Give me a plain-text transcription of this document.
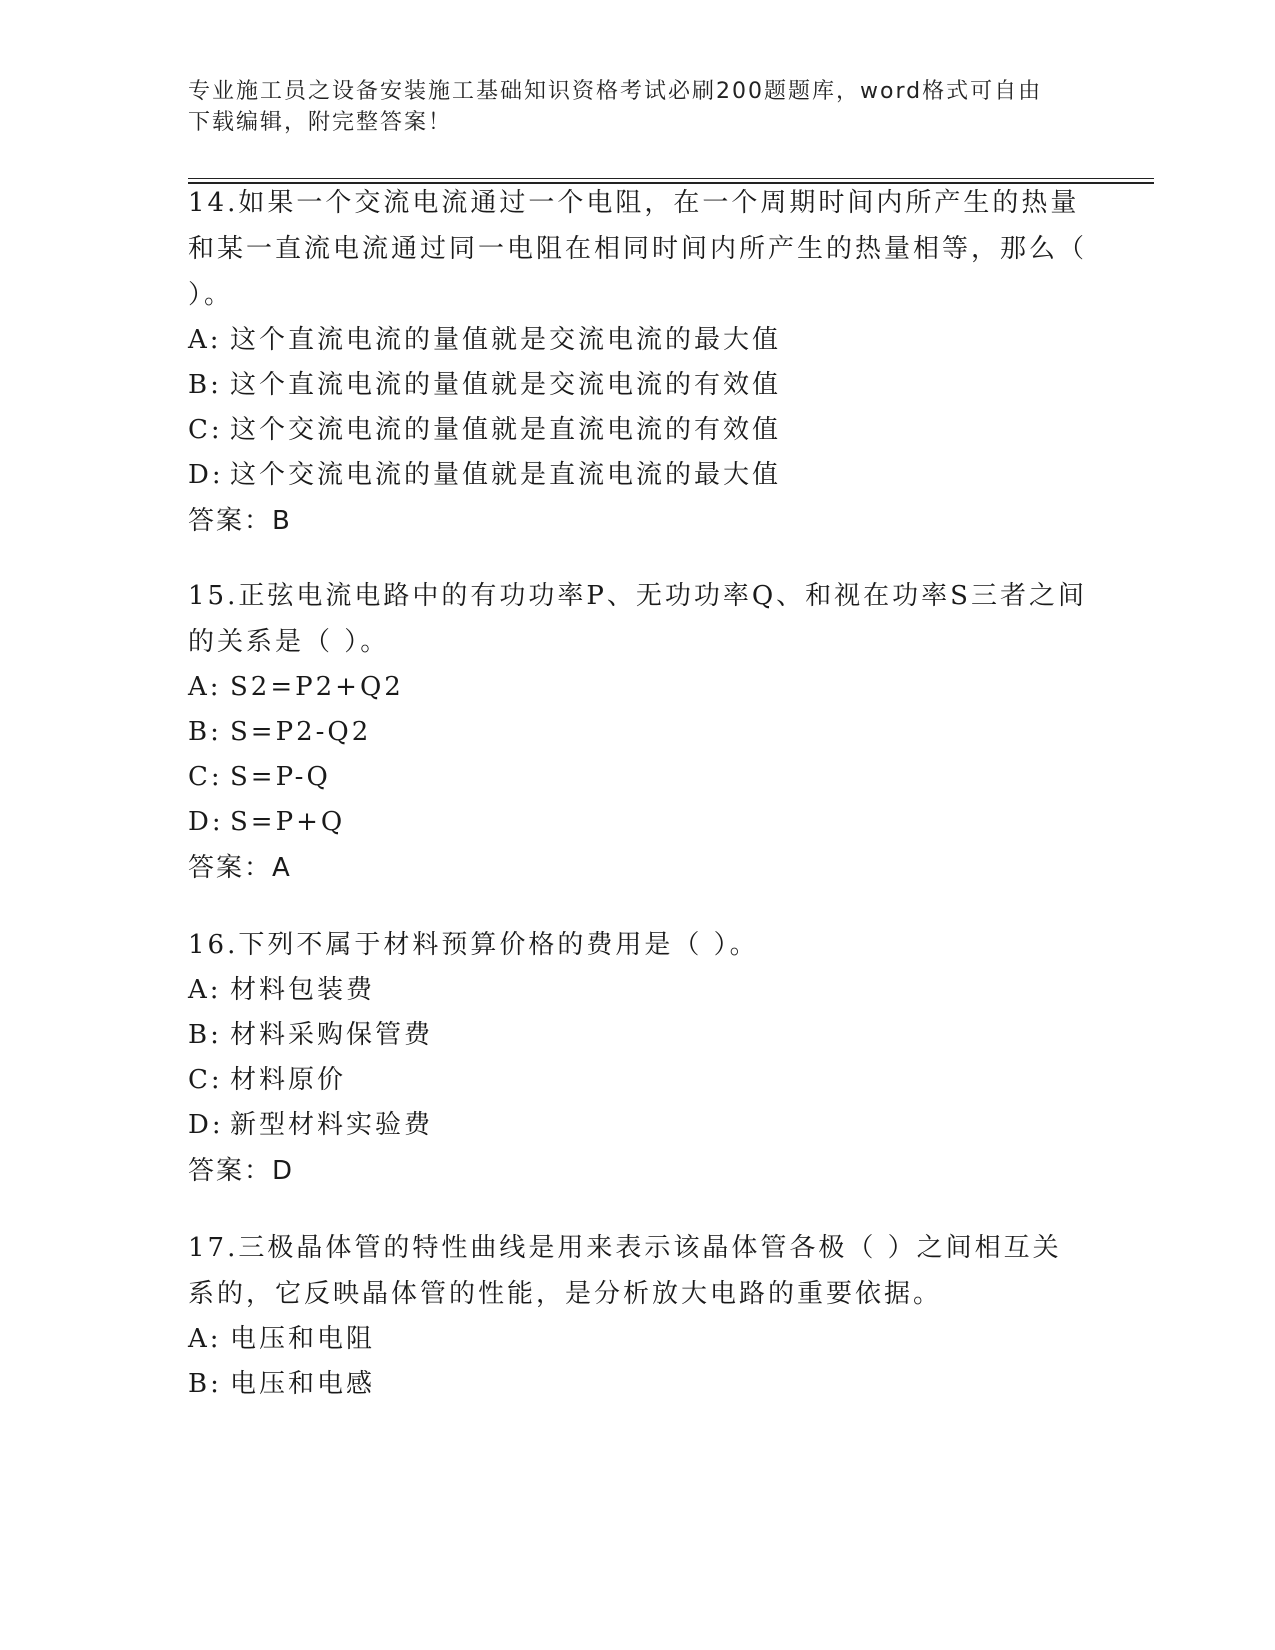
专业施工员之设备安装施工基础知识资格考试必刷200题题库，word格式可自由
下载编辑，附完整答案！

14.如果一个交流电流通过一个电阻，在一个周期时间内所产生的热量和某一直流电流通过同一电阻在相同时间内所产生的热量相等，那么（ ）。

A: 这个直流电流的量值就是交流电流的最大值

B: 这个直流电流的量值就是交流电流的有效值

C: 这个交流电流的量值就是直流电流的有效值

D: 这个交流电流的量值就是直流电流的最大值

答案：B

15.正弦电流电路中的有功功率P、无功功率Q、和视在功率S三者之间的关系是（ ）。

A: S2=P2+Q2

B: S=P2-Q2

C: S=P-Q

D: S=P+Q

答案：A

16.下列不属于材料预算价格的费用是（ ）。

A: 材料包装费

B: 材料采购保管费

C: 材料原价

D: 新型材料实验费

答案：D

17.三极晶体管的特性曲线是用来表示该晶体管各极（ ）之间相互关系的，它反映晶体管的性能，是分析放大电路的重要依据。

A: 电压和电阻

B: 电压和电感
